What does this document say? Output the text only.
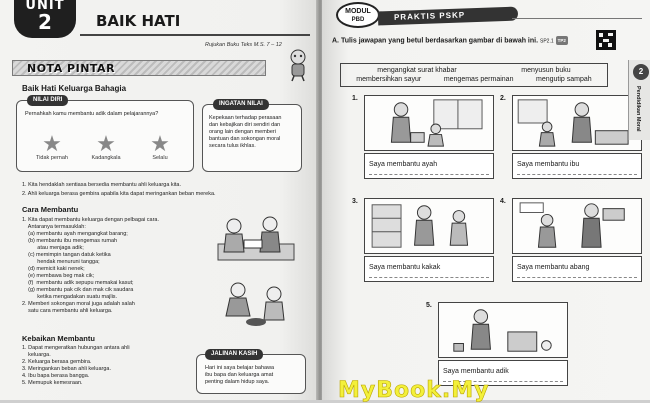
UNIT
2	BAIK HATI
Rujukan Buku Teks M.S. 7 – 12
NOTA PINTAR
Baik Hati Keluarga Bahagia
NILAI DIRI
Pernahkah kamu membantu adik dalam pelajarannya?
★
Tidak pernah
★
Kadangkala
★
Selalu
INGATAN NILAI
Kepekaan terhadap perasaan
dan kebajikan diri sendiri dan
orang lain dengan memberi
bantuan dan sokongan moral
secara tulus ikhlas.
1. Kita hendaklah sentiasa bersedia membantu ahli keluarga kita.
2. Ahli keluarga berasa gembira apabila kita dapat meringankan beban mereka.
Cara Membantu
1. Kita dapat membantu keluarga dengan pelbagai cara.
Antaranya termasuklah:
(a) membantu ayah mengangkat barang;
(b) membantu ibu mengemas rumah
atau menjaga adik;
(c) memimpin tangan datuk ketika
hendak menuruni tangga;
(d) memicit kaki nenek;
(e) membawa beg mak cik;
(f)  membantu adik sepupu memakai kasut;
(g) membantu pak cik dan mak cik saudara
ketika mengadakan suatu majlis.
2. Memberi sokongan moral juga adalah salah
satu cara membantu ahli keluarga.
Kebaikan Membantu
1. Dapat mengeratkan hubungan antara ahli
keluarga.
2. Keluarga berasa gembira.
3. Meringankan beban ahli keluarga.
4. Ibu bapa berasa bangga.
5. Memupuk kemesraan.
JALINAN KASIH
Hari ini saya belajar bahawa
ibu bapa dan keluarga amat
penting dalam hidup saya.
MODUL
PBD	PRAKTIS PSKP
A. Tulis jawapan yang betul berdasarkan gambar di bawah ini. SP2.1 TP2
mengangkat surat khabar	menyusun buku
membersihkan sayur	mengemas permainan	mengutip sampah
1.
Saya membantu ayah
2.
Saya membantu ibu
3.
Saya membantu kakak
4.
Saya membantu abang
5.
Saya membantu adik
2
Pendidikan Moral
MyBook.My
